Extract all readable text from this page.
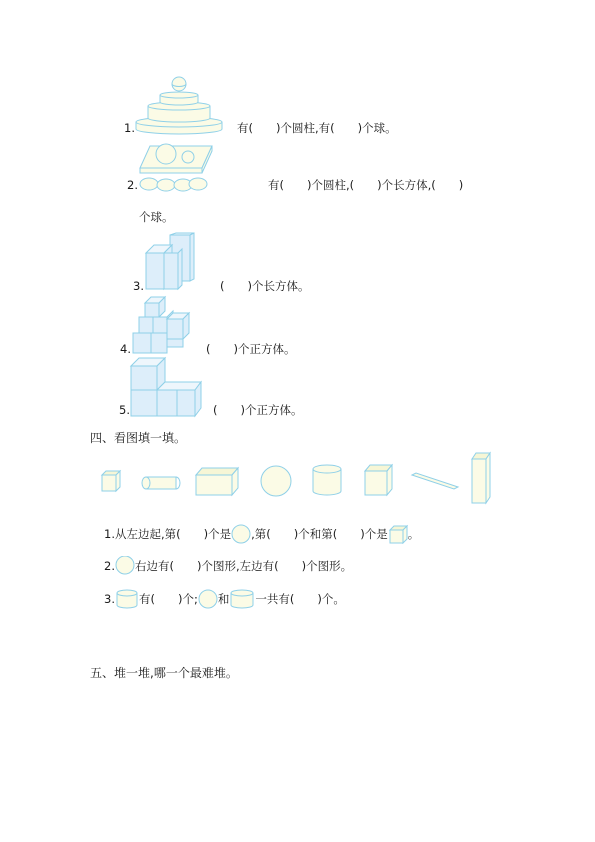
1.	有(　　)个圆柱,有(　　)个球。
2.	有(　　)个圆柱,(　　)个长方体,(　　)
个球。
3.	(　　)个长方体。
4.	(　　)个正方体。
5.	(　　)个正方体。
四、看图填一填。
1.从左边起,第(　　)个是 ,第(　　)个和第(　　)个是 。
2. 右边有(　　)个图形,左边有(　　)个图形。
3. 有(　　)个; 和 一共有(　　)个。
五、堆一堆,哪一个最难堆。
